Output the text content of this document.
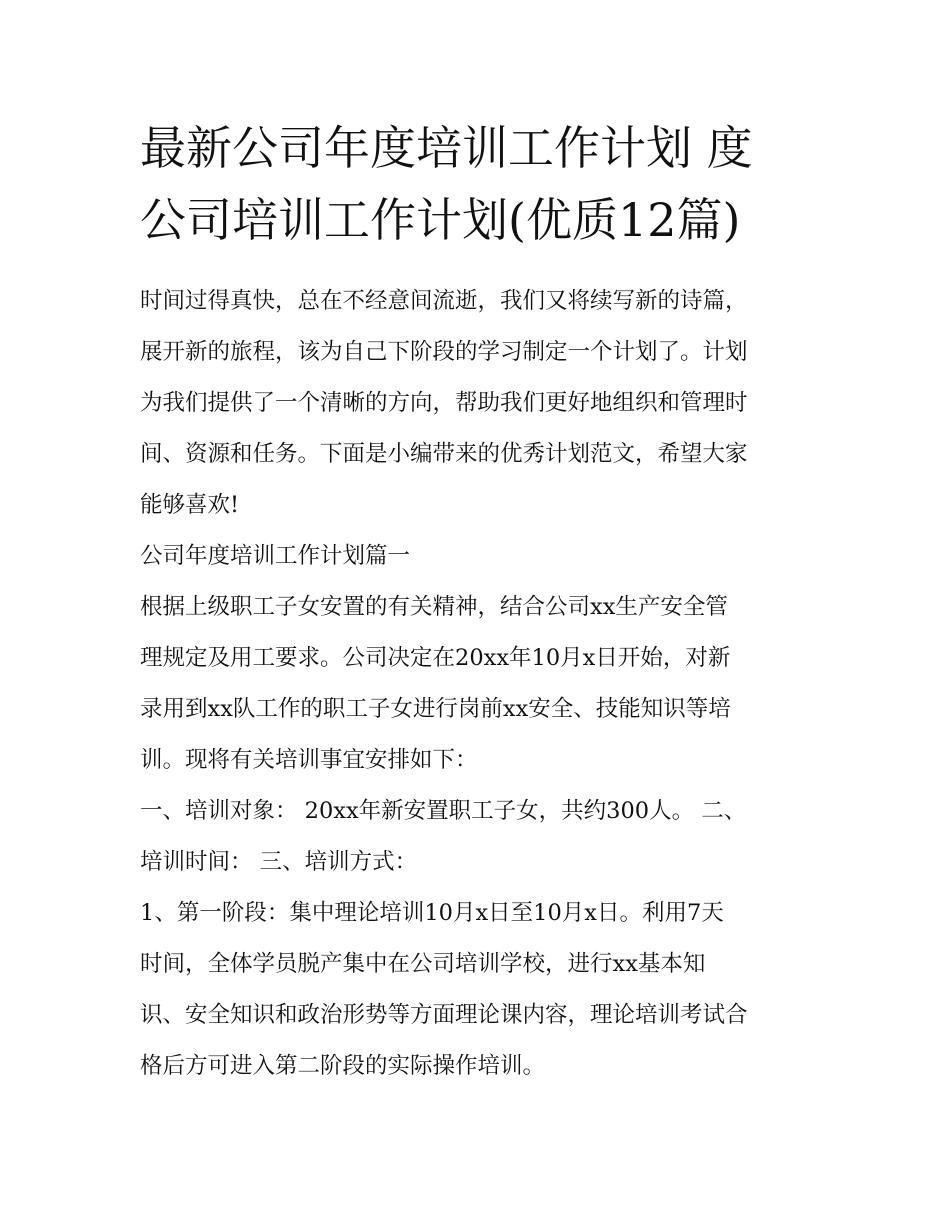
最新公司年度培训工作计划 度
公司培训工作计划(优质12篇)
时间过得真快，总在不经意间流逝，我们又将续写新的诗篇，
展开新的旅程，该为自己下阶段的学习制定一个计划了。计划
为我们提供了一个清晰的方向，帮助我们更好地组织和管理时
间、资源和任务。下面是小编带来的优秀计划范文，希望大家
能够喜欢!
公司年度培训工作计划篇一
根据上级职工子女安置的有关精神，结合公司xx生产安全管
理规定及用工要求。公司决定在20xx年10月x日开始，对新
录用到xx队工作的职工子女进行岗前xx安全、技能知识等培
训。现将有关培训事宜安排如下：
一、培训对象： 20xx年新安置职工子女，共约300人。 二、
培训时间： 三、培训方式：
1、第一阶段：集中理论培训10月x日至10月x日。利用7天
时间，全体学员脱产集中在公司培训学校，进行xx基本知
识、安全知识和政治形势等方面理论课内容，理论培训考试合
格后方可进入第二阶段的实际操作培训。
